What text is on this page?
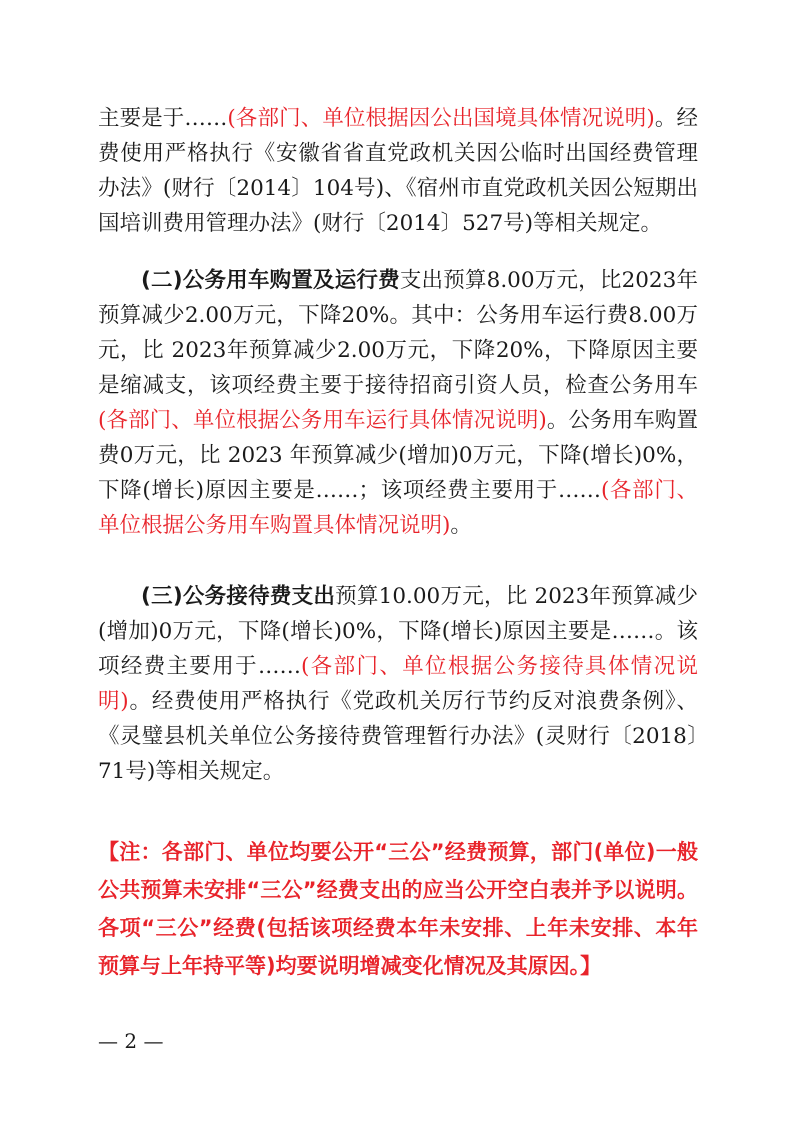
主要是于……(各部门、单位根据因公出国境具体情况说明)。经费使用严格执行《安徽省省直党政机关因公临时出国经费管理办法》(财行〔2014〕104号)、《宿州市直党政机关因公短期出国培训费用管理办法》(财行〔2014〕527号)等相关规定。

(二)公务用车购置及运行费支出预算8.00万元，比2023年预算减少2.00万元，下降20%。其中：公务用车运行费8.00万元，比 2023年预算减少2.00万元，下降20%，下降原因主要是缩减支，该项经费主要于接待招商引资人员，检查公务用车(各部门、单位根据公务用车运行具体情况说明)。公务用车购置费0万元，比 2023 年预算减少(增加)0万元，下降(增长)0%，下降(增长)原因主要是……；该项经费主要用于……(各部门、单位根据公务用车购置具体情况说明)。

(三)公务接待费支出预算10.00万元，比 2023年预算减少(增加)0万元，下降(增长)0%，下降(增长)原因主要是……。该项经费主要用于……(各部门、单位根据公务接待具体情况说明)。经费使用严格执行《党政机关厉行节约反对浪费条例》、《灵璧县机关单位公务接待费管理暂行办法》(灵财行〔2018〕71号)等相关规定。

【注：各部门、单位均要公开“三公”经费预算，部门(单位)一般公共预算未安排“三公”经费支出的应当公开空白表并予以说明。各项“三公”经费(包括该项经费本年未安排、上年未安排、本年预算与上年持平等)均要说明增减变化情况及其原因。】

— 2 —
